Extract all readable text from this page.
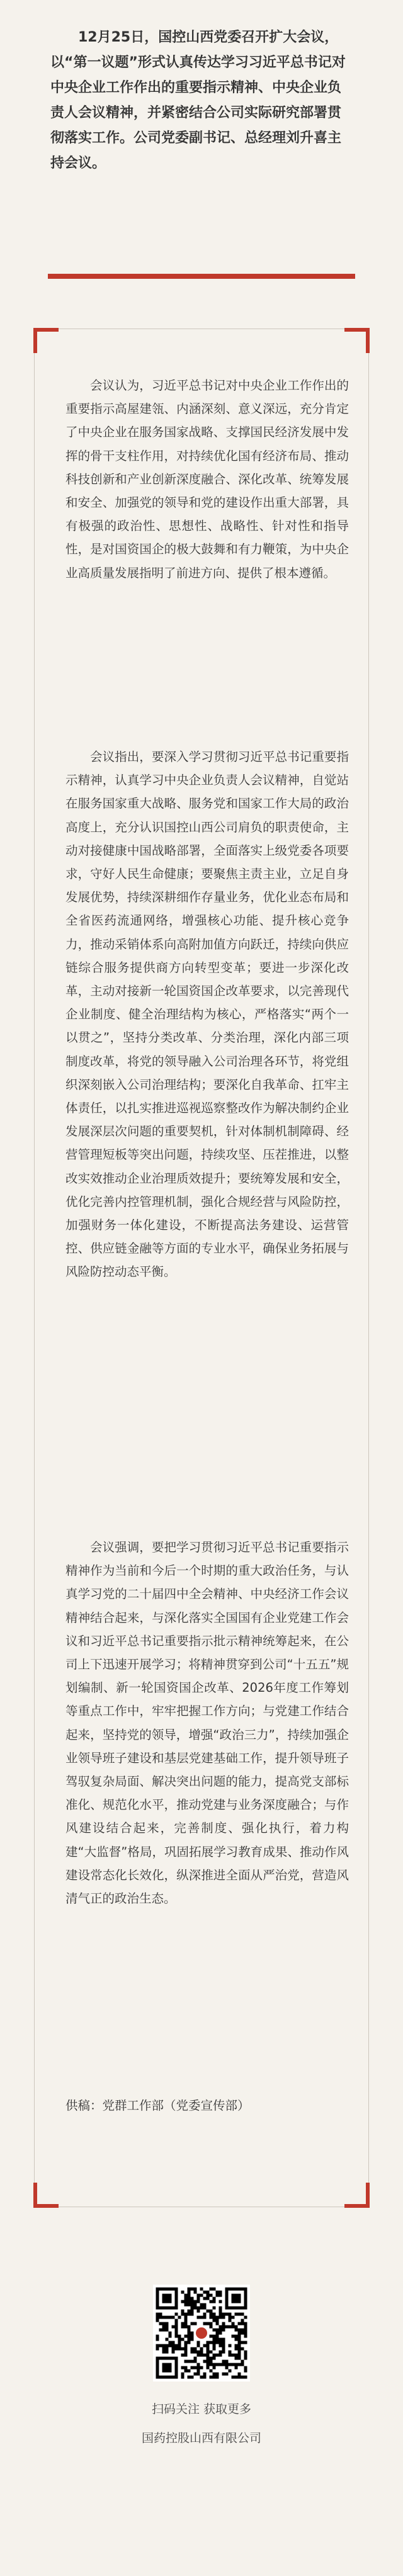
12月25日，国控山西党委召开扩大会议，以“第一议题”形式认真传达学习习近平总书记对中央企业工作作出的重要指示精神、中央企业负责人会议精神，并紧密结合公司实际研究部署贯彻落实工作。公司党委副书记、总经理刘升喜主持会议。
会议认为，习近平总书记对中央企业工作作出的重要指示高屋建瓴、内涵深刻、意义深远，充分肯定了中央企业在服务国家战略、支撑国民经济发展中发挥的骨干支柱作用，对持续优化国有经济布局、推动科技创新和产业创新深度融合、深化改革、统筹发展和安全、加强党的领导和党的建设作出重大部署，具有极强的政治性、思想性、战略性、针对性和指导性，是对国资国企的极大鼓舞和有力鞭策，为中央企业高质量发展指明了前进方向、提供了根本遵循。
会议指出，要深入学习贯彻习近平总书记重要指示精神，认真学习中央企业负责人会议精神，自觉站在服务国家重大战略、服务党和国家工作大局的政治高度上，充分认识国控山西公司肩负的职责使命，主动对接健康中国战略部署，全面落实上级党委各项要求，守好人民生命健康；要聚焦主责主业，立足自身发展优势，持续深耕细作存量业务，优化业态布局和全省医药流通网络，增强核心功能、提升核心竞争力，推动采销体系向高附加值方向跃迁，持续向供应链综合服务提供商方向转型变革；要进一步深化改革，主动对接新一轮国资国企改革要求，以完善现代企业制度、健全治理结构为核心，严格落实“两个一以贯之”，坚持分类改革、分类治理，深化内部三项制度改革，将党的领导融入公司治理各环节，将党组织深刻嵌入公司治理结构；要深化自我革命、扛牢主体责任，以扎实推进巡视巡察整改作为解决制约企业发展深层次问题的重要契机，针对体制机制障碍、经营管理短板等突出问题，持续攻坚、压茬推进，以整改实效推动企业治理质效提升；要统筹发展和安全，优化完善内控管理机制，强化合规经营与风险防控，加强财务一体化建设，不断提高法务建设、运营管控、供应链金融等方面的专业水平，确保业务拓展与风险防控动态平衡。
会议强调，要把学习贯彻习近平总书记重要指示精神作为当前和今后一个时期的重大政治任务，与认真学习党的二十届四中全会精神、中央经济工作会议精神结合起来，与深化落实全国国有企业党建工作会议和习近平总书记重要指示批示精神统筹起来，在公司上下迅速开展学习；将精神贯穿到公司“十五五”规划编制、新一轮国资国企改革、2026年度工作筹划等重点工作中，牢牢把握工作方向；与党建工作结合起来，坚持党的领导，增强“政治三力”，持续加强企业领导班子建设和基层党建基础工作，提升领导班子驾驭复杂局面、解决突出问题的能力，提高党支部标准化、规范化水平，推动党建与业务深度融合；与作风建设结合起来，完善制度、强化执行，着力构建“大监督”格局，巩固拓展学习教育成果、推动作风建设常态化长效化，纵深推进全面从严治党，营造风清气正的政治生态。
供稿：党群工作部（党委宣传部）
扫码关注 获取更多
国药控股山西有限公司
